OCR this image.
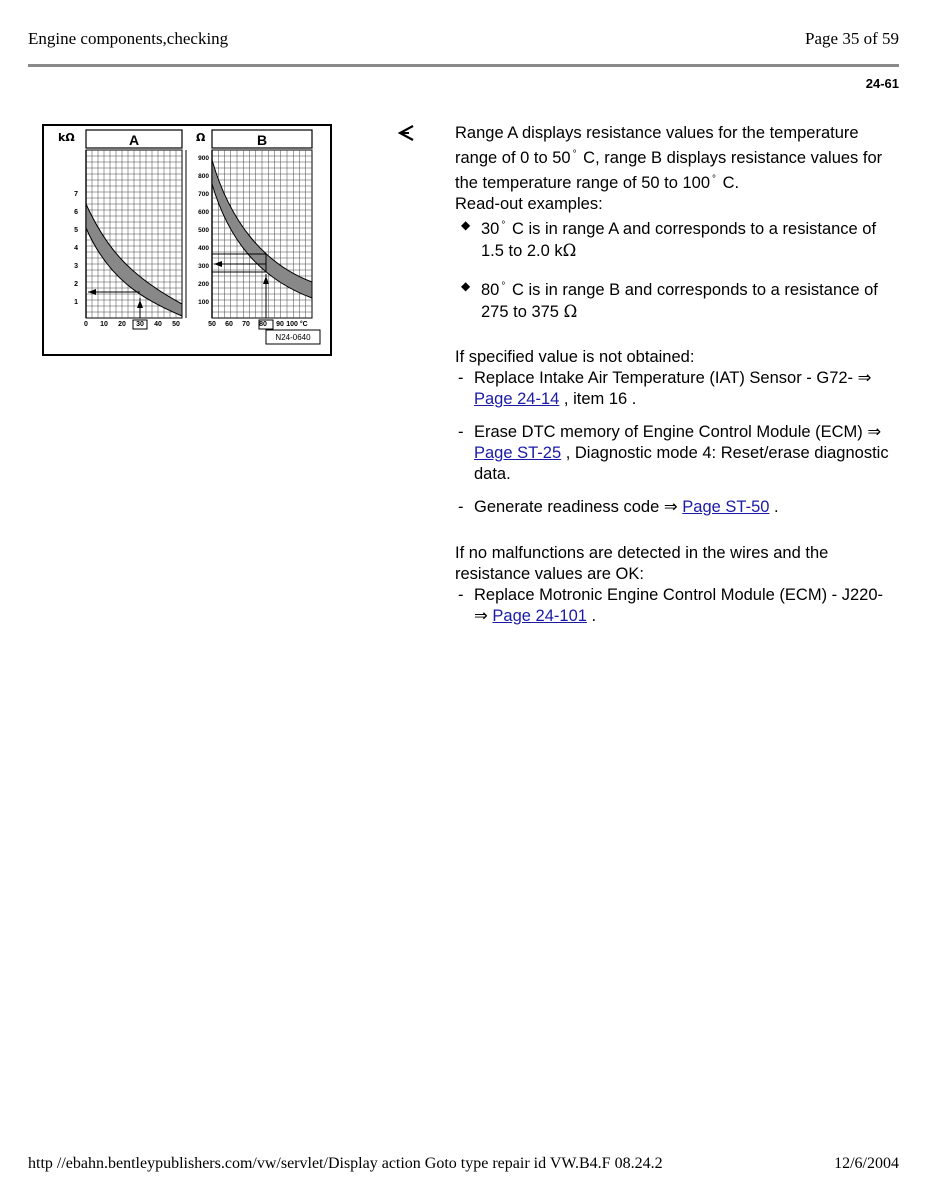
Engine components,checking	Page 35 of 59
24-61
A
kΩ
7
6
5
4
3
2
1
0 10 20 30 40 50
B
Ω
900
800
700
600
500
400
300
200
100
50 60 70 80 90 100 °C
N24-0640

Range A displays resistance values for the temperature range of 0 to 50 ° C, range B displays resistance values for the temperature range of 50 to 100 ° C.

Read-out examples:

◆ 30 ° C is in range A and corresponds to a resistance of 1.5 to 2.0 kΩ
◆ 80 ° C is in range B and corresponds to a resistance of 275 to 375 Ω

If specified value is not obtained:

- Replace Intake Air Temperature (IAT) Sensor - G72- ⇒ Page 24-14 , item 16 .
- Erase DTC memory of Engine Control Module (ECM) ⇒ Page ST-25 , Diagnostic mode 4: Reset/erase diagnostic data.
- Generate readiness code ⇒ Page ST-50 .

If no malfunctions are detected in the wires and the resistance values are OK:

- Replace Motronic Engine Control Module (ECM) - J220- ⇒ Page 24-101 .
http //ebahn.bentleypublishers.com/vw/servlet/Display action Goto type repair id VW.B4.F 08.24.2	12/6/2004
